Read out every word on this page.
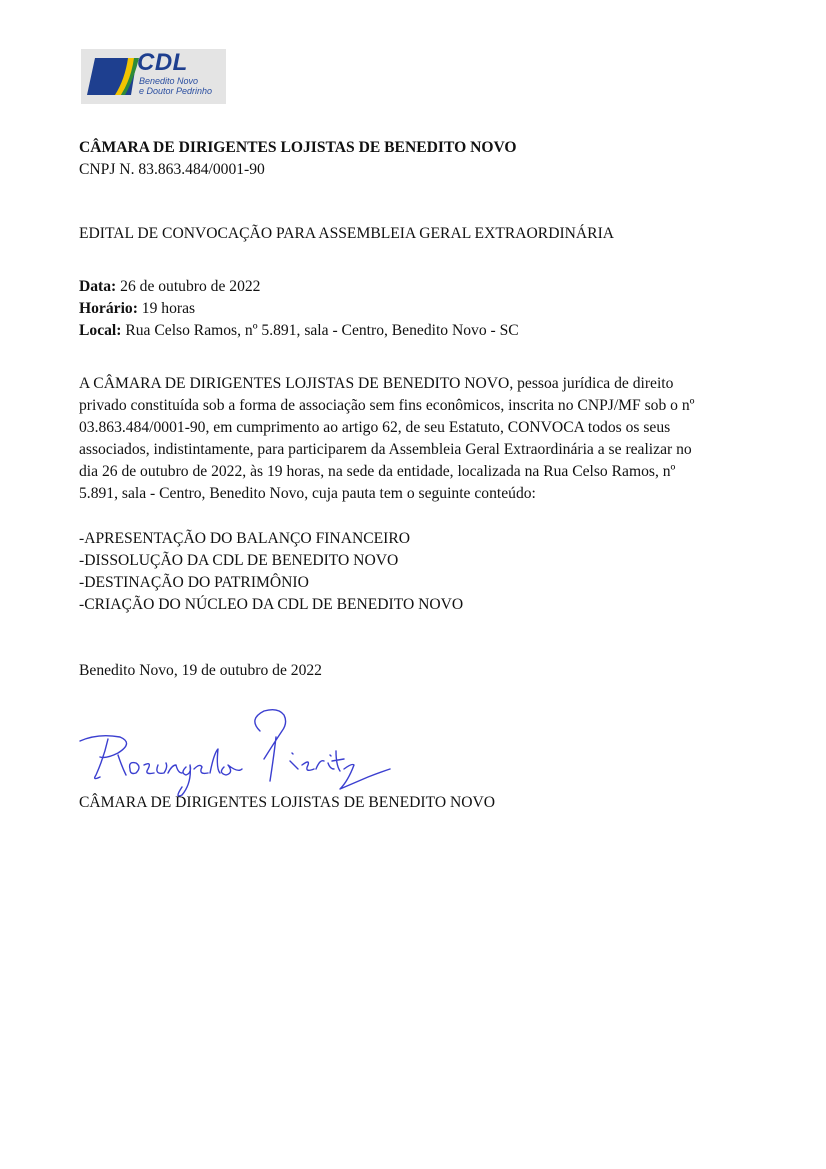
CDL
Benedito Novo
e Doutor Pedrinho
CÂMARA DE DIRIGENTES LOJISTAS DE BENEDITO NOVO
CNPJ N. 83.863.484/0001-90
EDITAL DE CONVOCAÇÃO PARA ASSEMBLEIA GERAL EXTRAORDINÁRIA
Data: 26 de outubro de 2022
Horário: 19 horas
Local: Rua Celso Ramos, nº 5.891, sala - Centro, Benedito Novo - SC
A CÂMARA DE DIRIGENTES LOJISTAS DE BENEDITO NOVO, pessoa jurídica de direito
privado constituída sob a forma de associação sem fins econômicos, inscrita no CNPJ/MF sob o nº
03.863.484/0001-90, em cumprimento ao artigo 62, de seu Estatuto, CONVOCA todos os seus
associados, indistintamente, para participarem da Assembleia Geral Extraordinária a se realizar no
dia 26 de outubro de 2022, às 19 horas, na sede da entidade, localizada na Rua Celso Ramos, nº
5.891, sala - Centro, Benedito Novo, cuja pauta tem o seguinte conteúdo:
-APRESENTAÇÃO DO BALANÇO FINANCEIRO
-DISSOLUÇÃO DA CDL DE BENEDITO NOVO
-DESTINAÇÃO DO PATRIMÔNIO
-CRIAÇÃO DO NÚCLEO DA CDL DE BENEDITO NOVO
Benedito Novo, 19 de outubro de 2022
CÂMARA DE DIRIGENTES LOJISTAS DE BENEDITO NOVO
